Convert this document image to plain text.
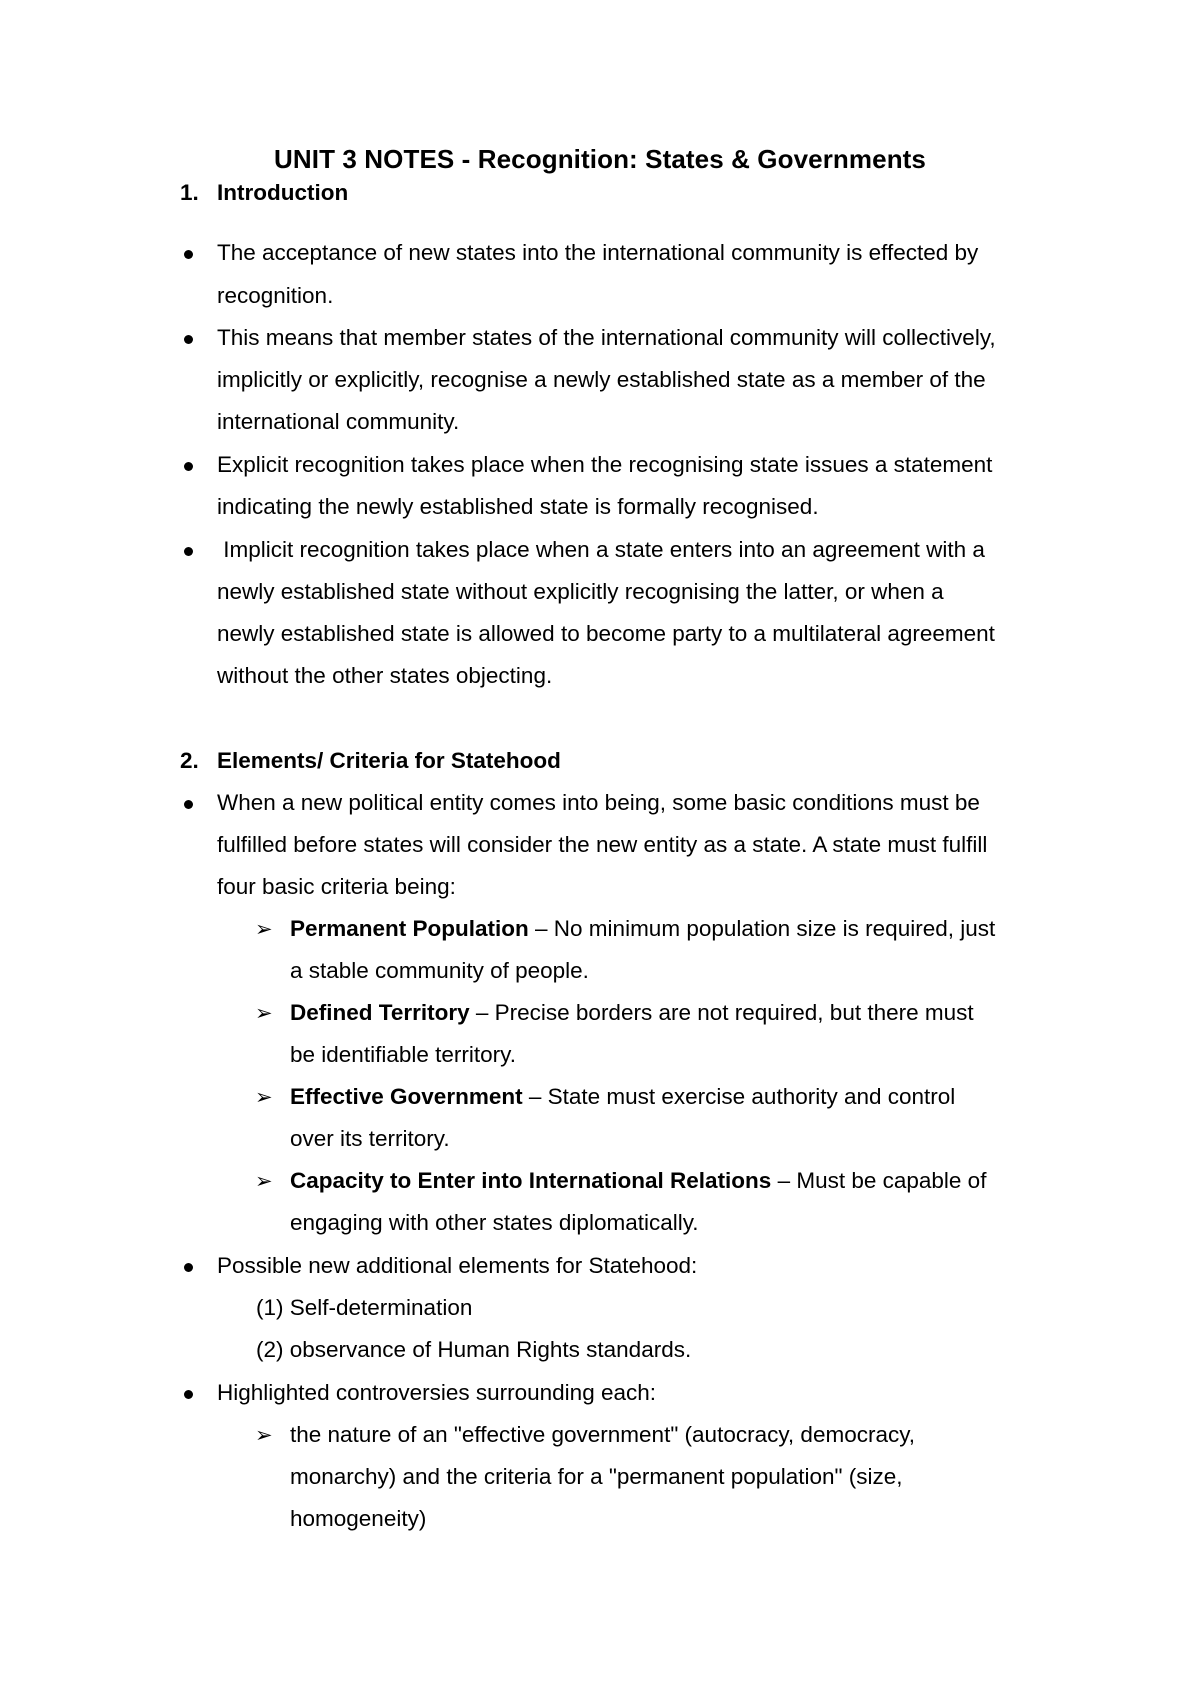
UNIT 3 NOTES - Recognition: States & Governments
1. Introduction
The acceptance of new states into the international community is effected by
recognition.
This means that member states of the international community will collectively,
implicitly or explicitly, recognise a newly established state as a member of the
international community.
Explicit recognition takes place when the recognising state issues a statement
indicating the newly established state is formally recognised.
Implicit recognition takes place when a state enters into an agreement with a
newly established state without explicitly recognising the latter, or when a
newly established state is allowed to become party to a multilateral agreement
without the other states objecting.
2. Elements/ Criteria for Statehood
When a new political entity comes into being, some basic conditions must be
fulfilled before states will consider the new entity as a state. A state must fulfill
four basic criteria being:
➢ Permanent Population – No minimum population size is required, just
a stable community of people.
➢ Defined Territory – Precise borders are not required, but there must
be identifiable territory.
➢ Effective Government – State must exercise authority and control
over its territory.
➢ Capacity to Enter into International Relations – Must be capable of
engaging with other states diplomatically.
Possible new additional elements for Statehood:
(1) Self-determination
(2) observance of Human Rights standards.
Highlighted controversies surrounding each:
➢ the nature of an "effective government" (autocracy, democracy,
monarchy) and the criteria for a "permanent population" (size,
homogeneity)
